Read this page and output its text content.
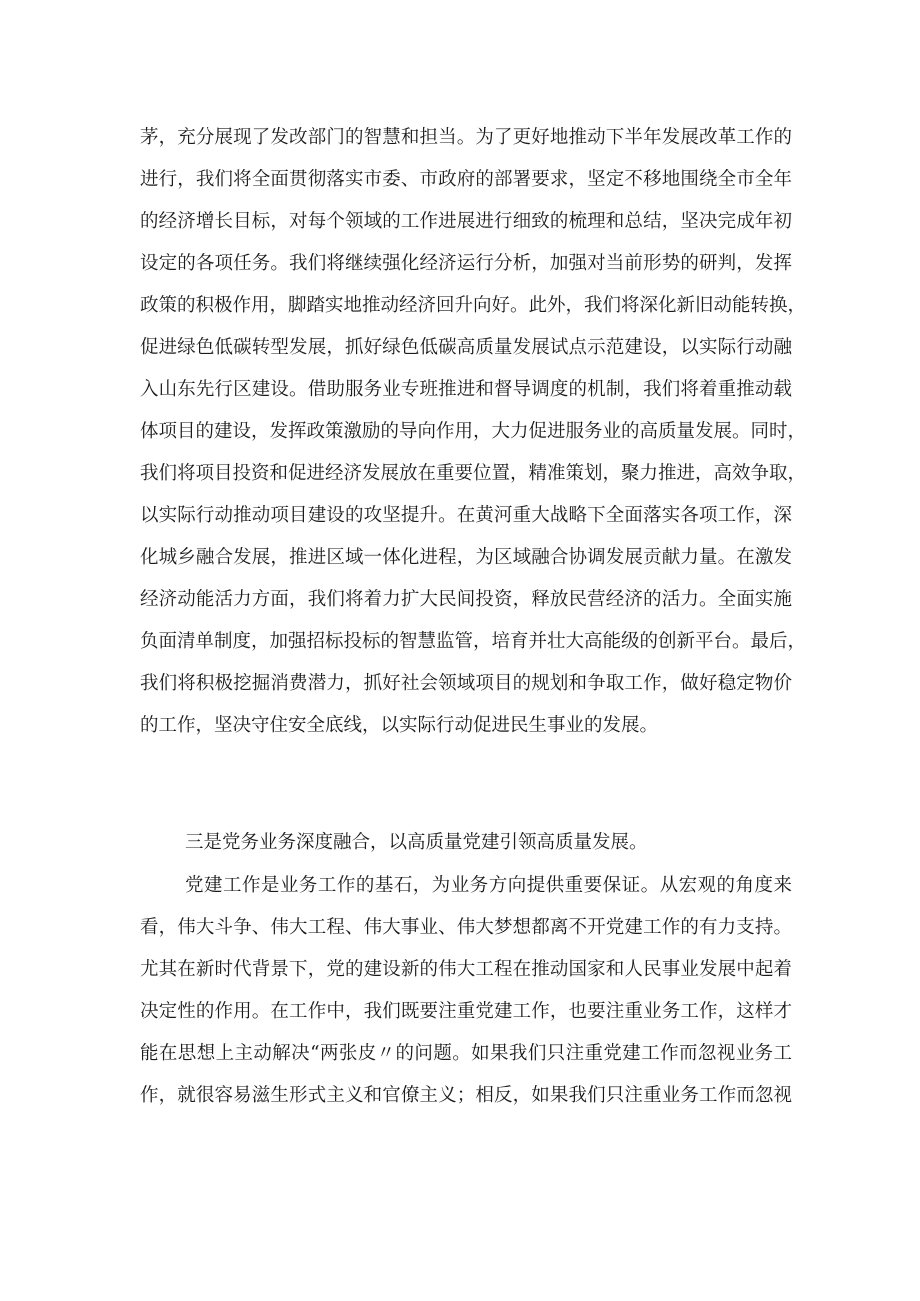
茅，充分展现了发改部门的智慧和担当。为了更好地推动下半年发展改革工作的
进行，我们将全面贯彻落实市委、市政府的部署要求，坚定不移地围绕全市全年
的经济增长目标，对每个领域的工作进展进行细致的梳理和总结，坚决完成年初
设定的各项任务。我们将继续强化经济运行分析，加强对当前形势的研判，发挥
政策的积极作用，脚踏实地推动经济回升向好。此外，我们将深化新旧动能转换，
促进绿色低碳转型发展，抓好绿色低碳高质量发展试点示范建设，以实际行动融
入山东先行区建设。借助服务业专班推进和督导调度的机制，我们将着重推动载
体项目的建设，发挥政策激励的导向作用，大力促进服务业的高质量发展。同时，
我们将项目投资和促进经济发展放在重要位置，精准策划，聚力推进，高效争取，
以实际行动推动项目建设的攻坚提升。在黄河重大战略下全面落实各项工作，深
化城乡融合发展，推进区域一体化进程，为区域融合协调发展贡献力量。在激发
经济动能活力方面，我们将着力扩大民间投资，释放民营经济的活力。全面实施
负面清单制度，加强招标投标的智慧监管，培育并壮大高能级的创新平台。最后，
我们将积极挖掘消费潜力，抓好社会领域项目的规划和争取工作，做好稳定物价
的工作，坚决守住安全底线，以实际行动促进民生事业的发展。
三是党务业务深度融合，以高质量党建引领高质量发展。
党建工作是业务工作的基石，为业务方向提供重要保证。从宏观的角度来
看，伟大斗争、伟大工程、伟大事业、伟大梦想都离不开党建工作的有力支持。
尤其在新时代背景下，党的建设新的伟大工程在推动国家和人民事业发展中起着
决定性的作用。在工作中，我们既要注重党建工作，也要注重业务工作，这样才
能在思想上主动解决“两张皮〃的问题。如果我们只注重党建工作而忽视业务工
作，就很容易滋生形式主义和官僚主义；相反，如果我们只注重业务工作而忽视
